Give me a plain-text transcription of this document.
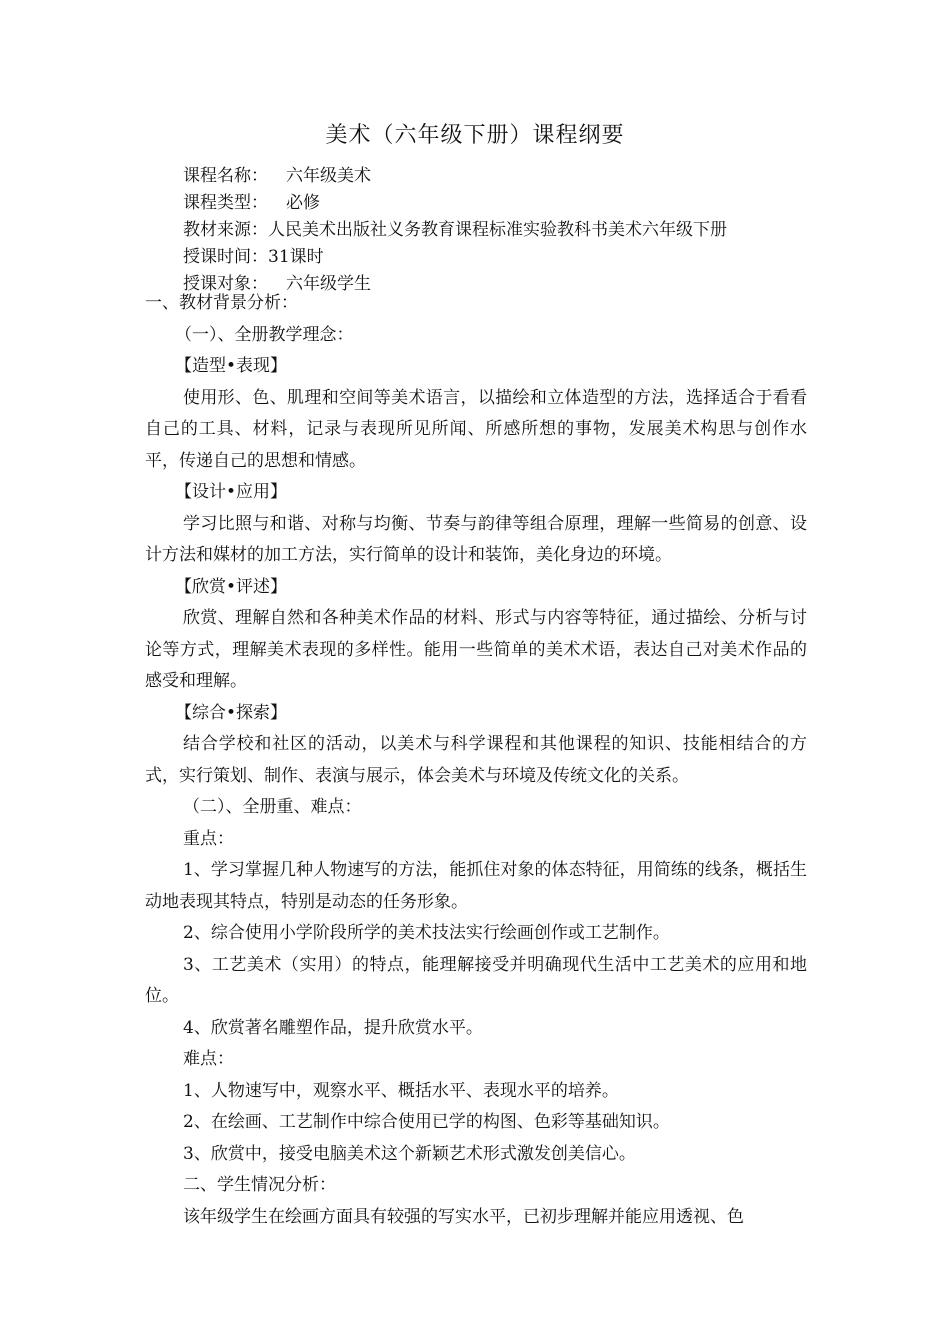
美术（六年级下册）课程纲要
课程名称： 六年级美术
课程类型： 必修
教材来源：人民美术出版社义务教育课程标准实验教科书美术六年级下册
授课时间：31课时
授课对象： 六年级学生

一、教材背景分析：

（一）、全册教学理念：

【造型•表现】

使用形、色、肌理和空间等美术语言，以描绘和立体造型的方法，选择适合于看看自己的工具、材料，记录与表现所见所闻、所感所想的事物，发展美术构思与创作水平，传递自己的思想和情感。

【设计•应用】

学习比照与和谐、对称与均衡、节奏与韵律等组合原理，理解一些简易的创意、设计方法和媒材的加工方法，实行简单的设计和装饰，美化身边的环境。

【欣赏•评述】

欣赏、理解自然和各种美术作品的材料、形式与内容等特征，通过描绘、分析与讨论等方式，理解美术表现的多样性。能用一些简单的美术术语，表达自己对美术作品的感受和理解。

【综合•探索】

结合学校和社区的活动，以美术与科学课程和其他课程的知识、技能相结合的方式，实行策划、制作、表演与展示，体会美术与环境及传统文化的关系。

（二）、全册重、难点：

重点：

1、学习掌握几种人物速写的方法，能抓住对象的体态特征，用简练的线条，概括生动地表现其特点，特别是动态的任务形象。

2、综合使用小学阶段所学的美术技法实行绘画创作或工艺制作。

3、工艺美术（实用）的特点，能理解接受并明确现代生活中工艺美术的应用和地位。

4、欣赏著名雕塑作品，提升欣赏水平。

难点：

1、人物速写中，观察水平、概括水平、表现水平的培养。

2、在绘画、工艺制作中综合使用已学的构图、色彩等基础知识。

3、欣赏中，接受电脑美术这个新颖艺术形式激发创美信心。

二、学生情况分析：

该年级学生在绘画方面具有较强的写实水平，已初步理解并能应用透视、色
